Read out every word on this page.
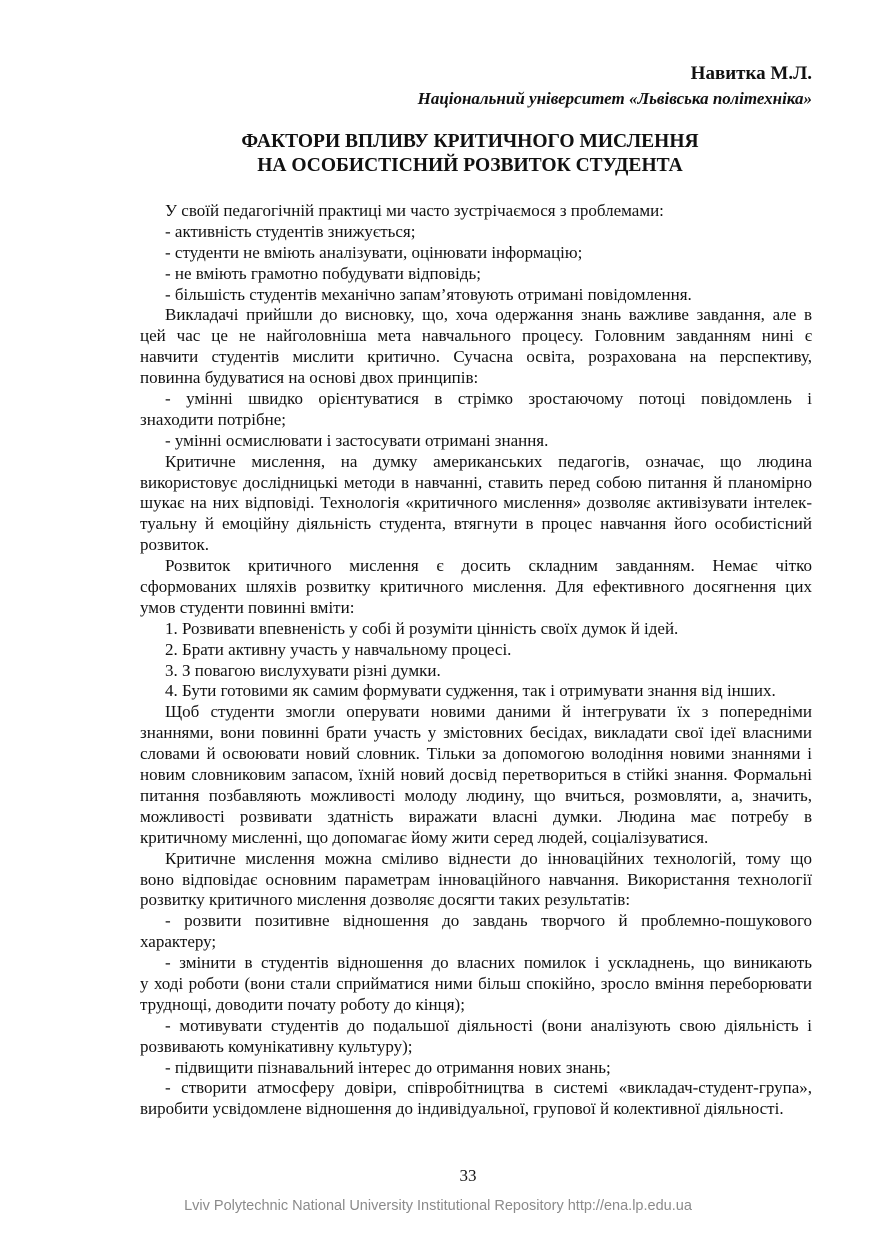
Навитка М.Л.
Національний університет «Львівська політехніка»
ФАКТОРИ ВПЛИВУ КРИТИЧНОГО МИСЛЕННЯ
НА ОСОБИСТІСНИЙ РОЗВИТОК СТУДЕНТА
У своїй педагогічній практиці ми часто зустрічаємося з проблемами:
- активність студентів знижується;
- студенти не вміють аналізувати, оцінювати інформацію;
- не вміють грамотно побудувати відповідь;
- більшість студентів механічно запам’ятовують отримані повідомлення.
Викладачі прийшли до висновку, що, хоча одержання знань важливе завдання, але в
цей час це не найголовніша мета навчального процесу. Головним завданням нині є
навчити студентів мислити критично. Сучасна освіта, розрахована на перспективу,
повинна будуватися на основі двох принципів:
- умінні швидко орієнтуватися в стрімко зростаючому потоці повідомлень і
знаходити потрібне;
- умінні осмислювати і застосувати отримані знання.
Критичне мислення, на думку американських педагогів, означає, що людина
використовує дослідницькі методи в навчанні, ставить перед собою питання й планомірно
шукає на них відповіді. Технологія «критичного мислення» дозволяє активізувати інтелек-
туальну й емоційну діяльність студента, втягнути в процес навчання його особистісний
розвиток.
Розвиток критичного мислення є досить складним завданням. Немає чітко
сформованих шляхів розвитку критичного мислення. Для ефективного досягнення цих
умов студенти повинні вміти:
1. Розвивати впевненість у собі й розуміти цінність своїх думок й ідей.
2. Брати активну участь у навчальному процесі.
3. З повагою вислухувати різні думки.
4. Бути готовими як самим формувати судження, так і отримувати знання від інших.
Щоб студенти змогли оперувати новими даними й інтегрувати їх з попередніми
знаннями, вони повинні брати участь у змістовних бесідах, викладати свої ідеї власними
словами й освоювати новий словник. Тільки за допомогою володіння новими знаннями і
новим словниковим запасом, їхній новий досвід перетвориться в стійкі знання. Формальні
питання позбавляють можливості молоду людину, що вчиться, розмовляти, а, значить,
можливості розвивати здатність виражати власні думки. Людина має потребу в
критичному мисленні, що допомагає йому жити серед людей, соціалізуватися.
Критичне мислення можна сміливо віднести до інноваційних технологій, тому що
воно відповідає основним параметрам інноваційного навчання. Використання технології
розвитку критичного мислення дозволяє досягти таких результатів:
- розвити позитивне відношення до завдань творчого й проблемно-пошукового
характеру;
- змінити в студентів відношення до власних помилок і ускладнень, що виникають
у ході роботи (вони стали сприйматися ними більш спокійно, зросло вміння переборювати
труднощі, доводити почату роботу до кінця);
- мотивувати студентів до подальшої діяльності (вони аналізують свою діяльність і
розвивають комунікативну культуру);
- підвищити пізнавальний інтерес до отримання нових знань;
- створити атмосферу довіри, співробітництва в системі «викладач-студент-група»,
виробити усвідомлене відношення до індивідуальної, групової й колективної діяльності.
33
Lviv Polytechnic National University Institutional Repository http://ena.lp.edu.ua
